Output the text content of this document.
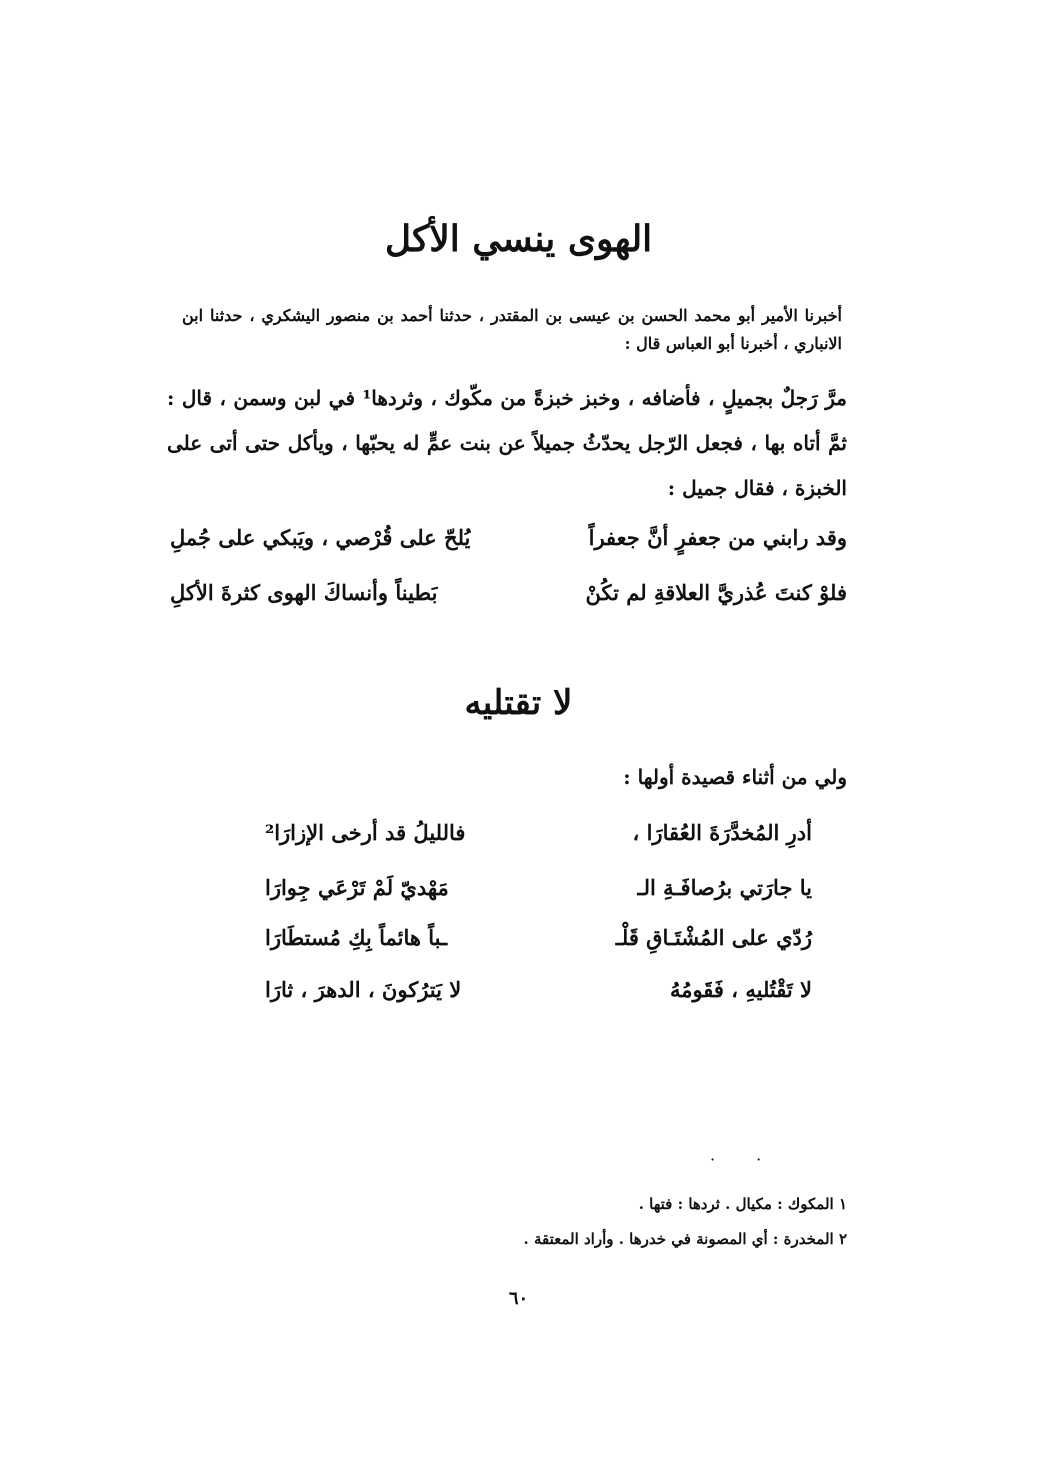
الهوى ينسي الأكل

أخبرنا الأمير أبو محمد الحسن بن عيسى بن المقتدر ، حدثنا أحمد بن منصور اليشكري ، حدثنا ابن الانباري ، أخبرنا أبو العباس قال :

مرَّ رَجلٌ بجميلٍ ، فأضافه ، وخبز خبزةً من مكّوك ، وثردها¹ في لبن وسمن ، قال : ثمَّ أتاه بها ، فجعل الرّجل يحدّثُ جميلاً عن بنت عمٍّ له يحبّها ، ويأكل حتى أتى على الخبزة ، فقال جميل :

وقد رابني من جعفرٍ أنَّ جعفراً
يُلحّ على قُرْصي ، ويَبكي على جُملِ
فلوْ كنتَ عُذريَّ العلاقةِ لم تكُنْ
بَطيناً وأنساكَ الهوى كثرةَ الأكلِ
لا تقتليه

ولي من أثناء قصيدة أولها :

أدرِ المُخدَّرَةَ العُقارَا ،
فالليلُ قد أرخى الإزارَا²
يا جارَتي برُصافَـةِ الـ
مَهْديّ لَمْ تَرْعَي جِوارَا
رُدّي على المُشْتَـاقِ قَلْـ
ـباً هائماً بِكِ مُستطَارَا
لا تَقْتُليهِ ، فَقَومُهُ
لا يَترُكونَ ، الدهرَ ، ثارَا
· ·

١ المكوك : مكيال . ثردها : فتها .

٢ المخدرة : أي المصونة في خدرها . وأراد المعتقة .

٦٠
